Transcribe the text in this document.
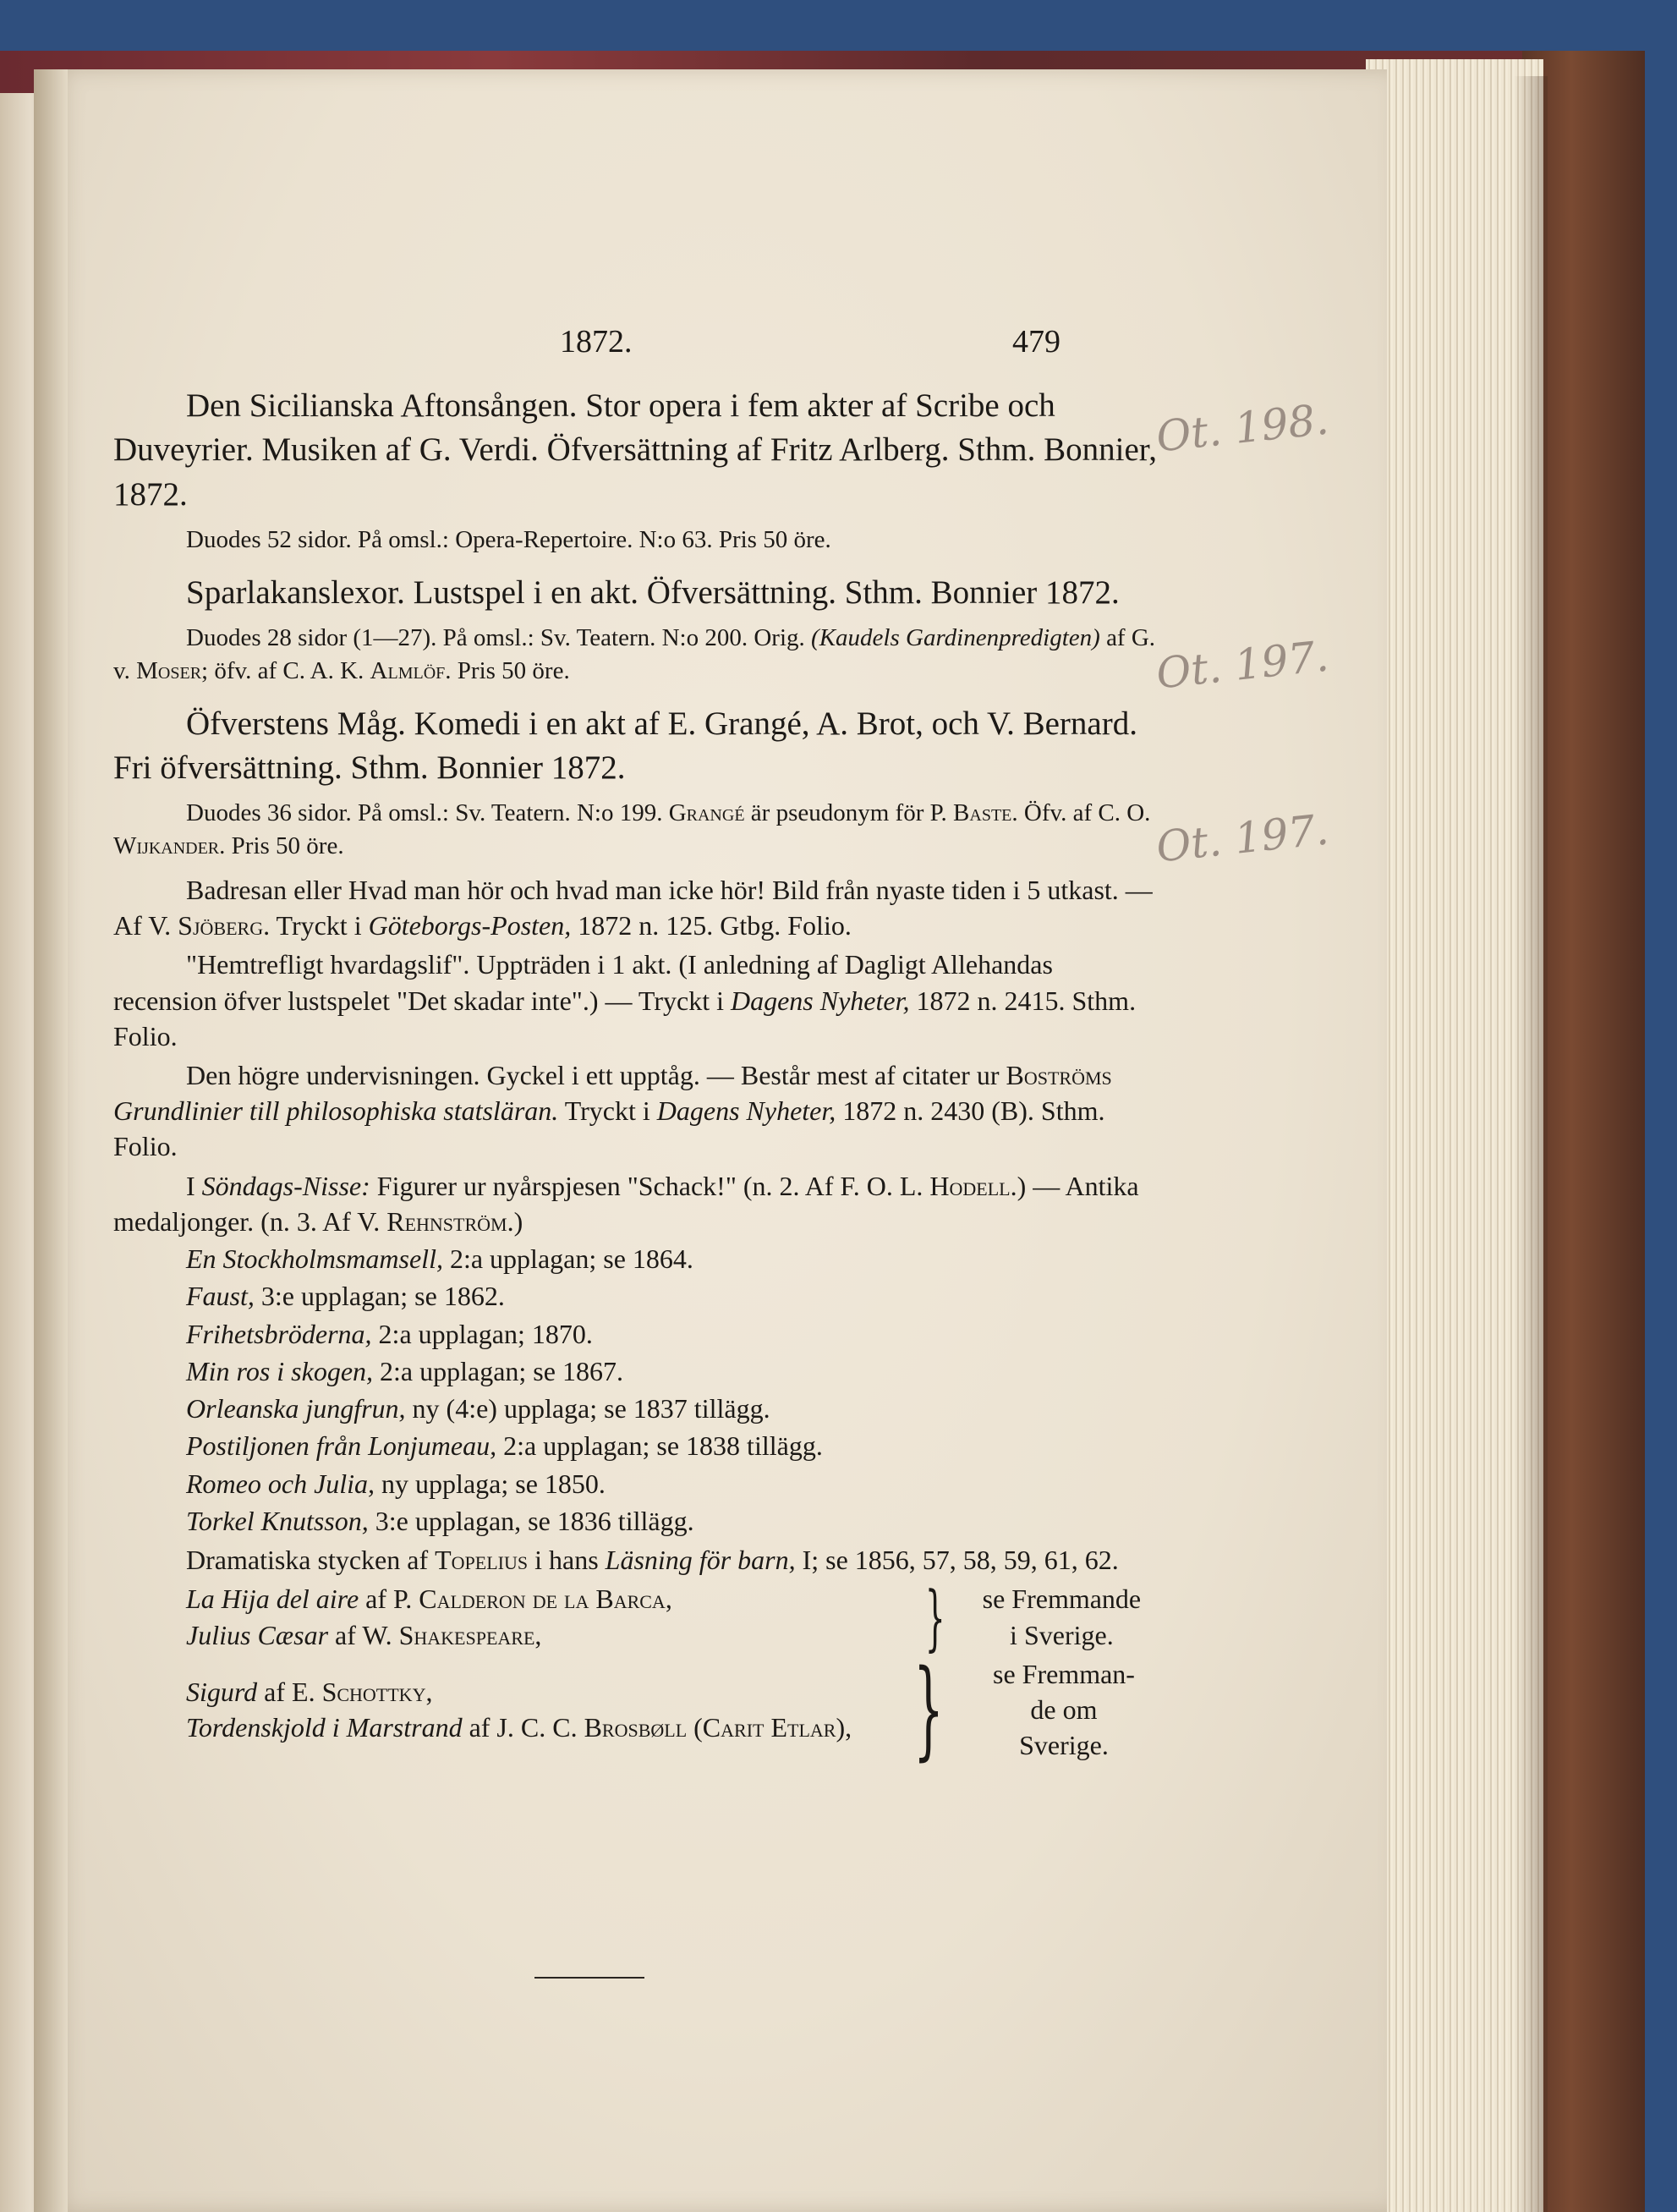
1872.	479
Ot. 198.
Ot. 197.
Ot. 197.

Den Sicilianska Aftonsången. Stor opera i fem akter af Scribe och Duveyrier. Musiken af G. Verdi. Öfversättning af Fritz Arlberg. Sthm. Bonnier, 1872.

Duodes 52 sidor. På omsl.: Opera-Repertoire. N:o 63. Pris 50 öre.

Sparlakanslexor. Lustspel i en akt. Öfversättning. Sthm. Bonnier 1872.

Duodes 28 sidor (1—27). På omsl.: Sv. Teatern. N:o 200. Orig. (Kaudels Gardinenpredigten) af G. v. Moser; öfv. af C. A. K. Almlöf. Pris 50 öre.

Öfverstens Måg. Komedi i en akt af E. Grangé, A. Brot, och V. Bernard. Fri öfversättning. Sthm. Bonnier 1872.

Duodes 36 sidor. På omsl.: Sv. Teatern. N:o 199. Grangé är pseudonym för P. Baste. Öfv. af C. O. Wijkander. Pris 50 öre.

Badresan eller Hvad man hör och hvad man icke hör! Bild från nyaste tiden i 5 utkast. — Af V. Sjöberg. Tryckt i Göteborgs-Posten, 1872 n. 125. Gtbg. Folio.

"Hemtrefligt hvardagslif". Uppträden i 1 akt. (I anledning af Dagligt Allehandas recension öfver lustspelet "Det skadar inte".) — Tryckt i Dagens Nyheter, 1872 n. 2415. Sthm. Folio.

Den högre undervisningen. Gyckel i ett upptåg. — Består mest af citater ur Boströms Grundlinier till philosophiska statsläran. Tryckt i Dagens Nyheter, 1872 n. 2430 (B). Sthm. Folio.

I Söndags-Nisse: Figurer ur nyårspjesen "Schack!" (n. 2. Af F. O. L. Hodell.) — Antika medaljonger. (n. 3. Af V. Rehnström.)

En Stockholmsmamsell, 2:a upplagan; se 1864.

Faust, 3:e upplagan; se 1862.

Frihetsbröderna, 2:a upplagan; 1870.

Min ros i skogen, 2:a upplagan; se 1867.

Orleanska jungfrun, ny (4:e) upplaga; se 1837 tillägg.

Postiljonen från Lonjumeau, 2:a upplagan; se 1838 tillägg.

Romeo och Julia, ny upplaga; se 1850.

Torkel Knutsson, 3:e upplagan, se 1836 tillägg.

Dramatiska stycken af Topelius i hans Läsning för barn, I; se 1856, 57, 58, 59, 61, 62.

La Hija del aire af P. Calderon de la Barca,

Julius Cæsar af W. Shakespeare,	}	se Fremmande
i Sverige.

Sigurd af E. Schottky,

Tordenskjold i Marstrand af J. C. C. Brosbøll (Carit Etlar), }	se Fremman-
de om
Sverige.
